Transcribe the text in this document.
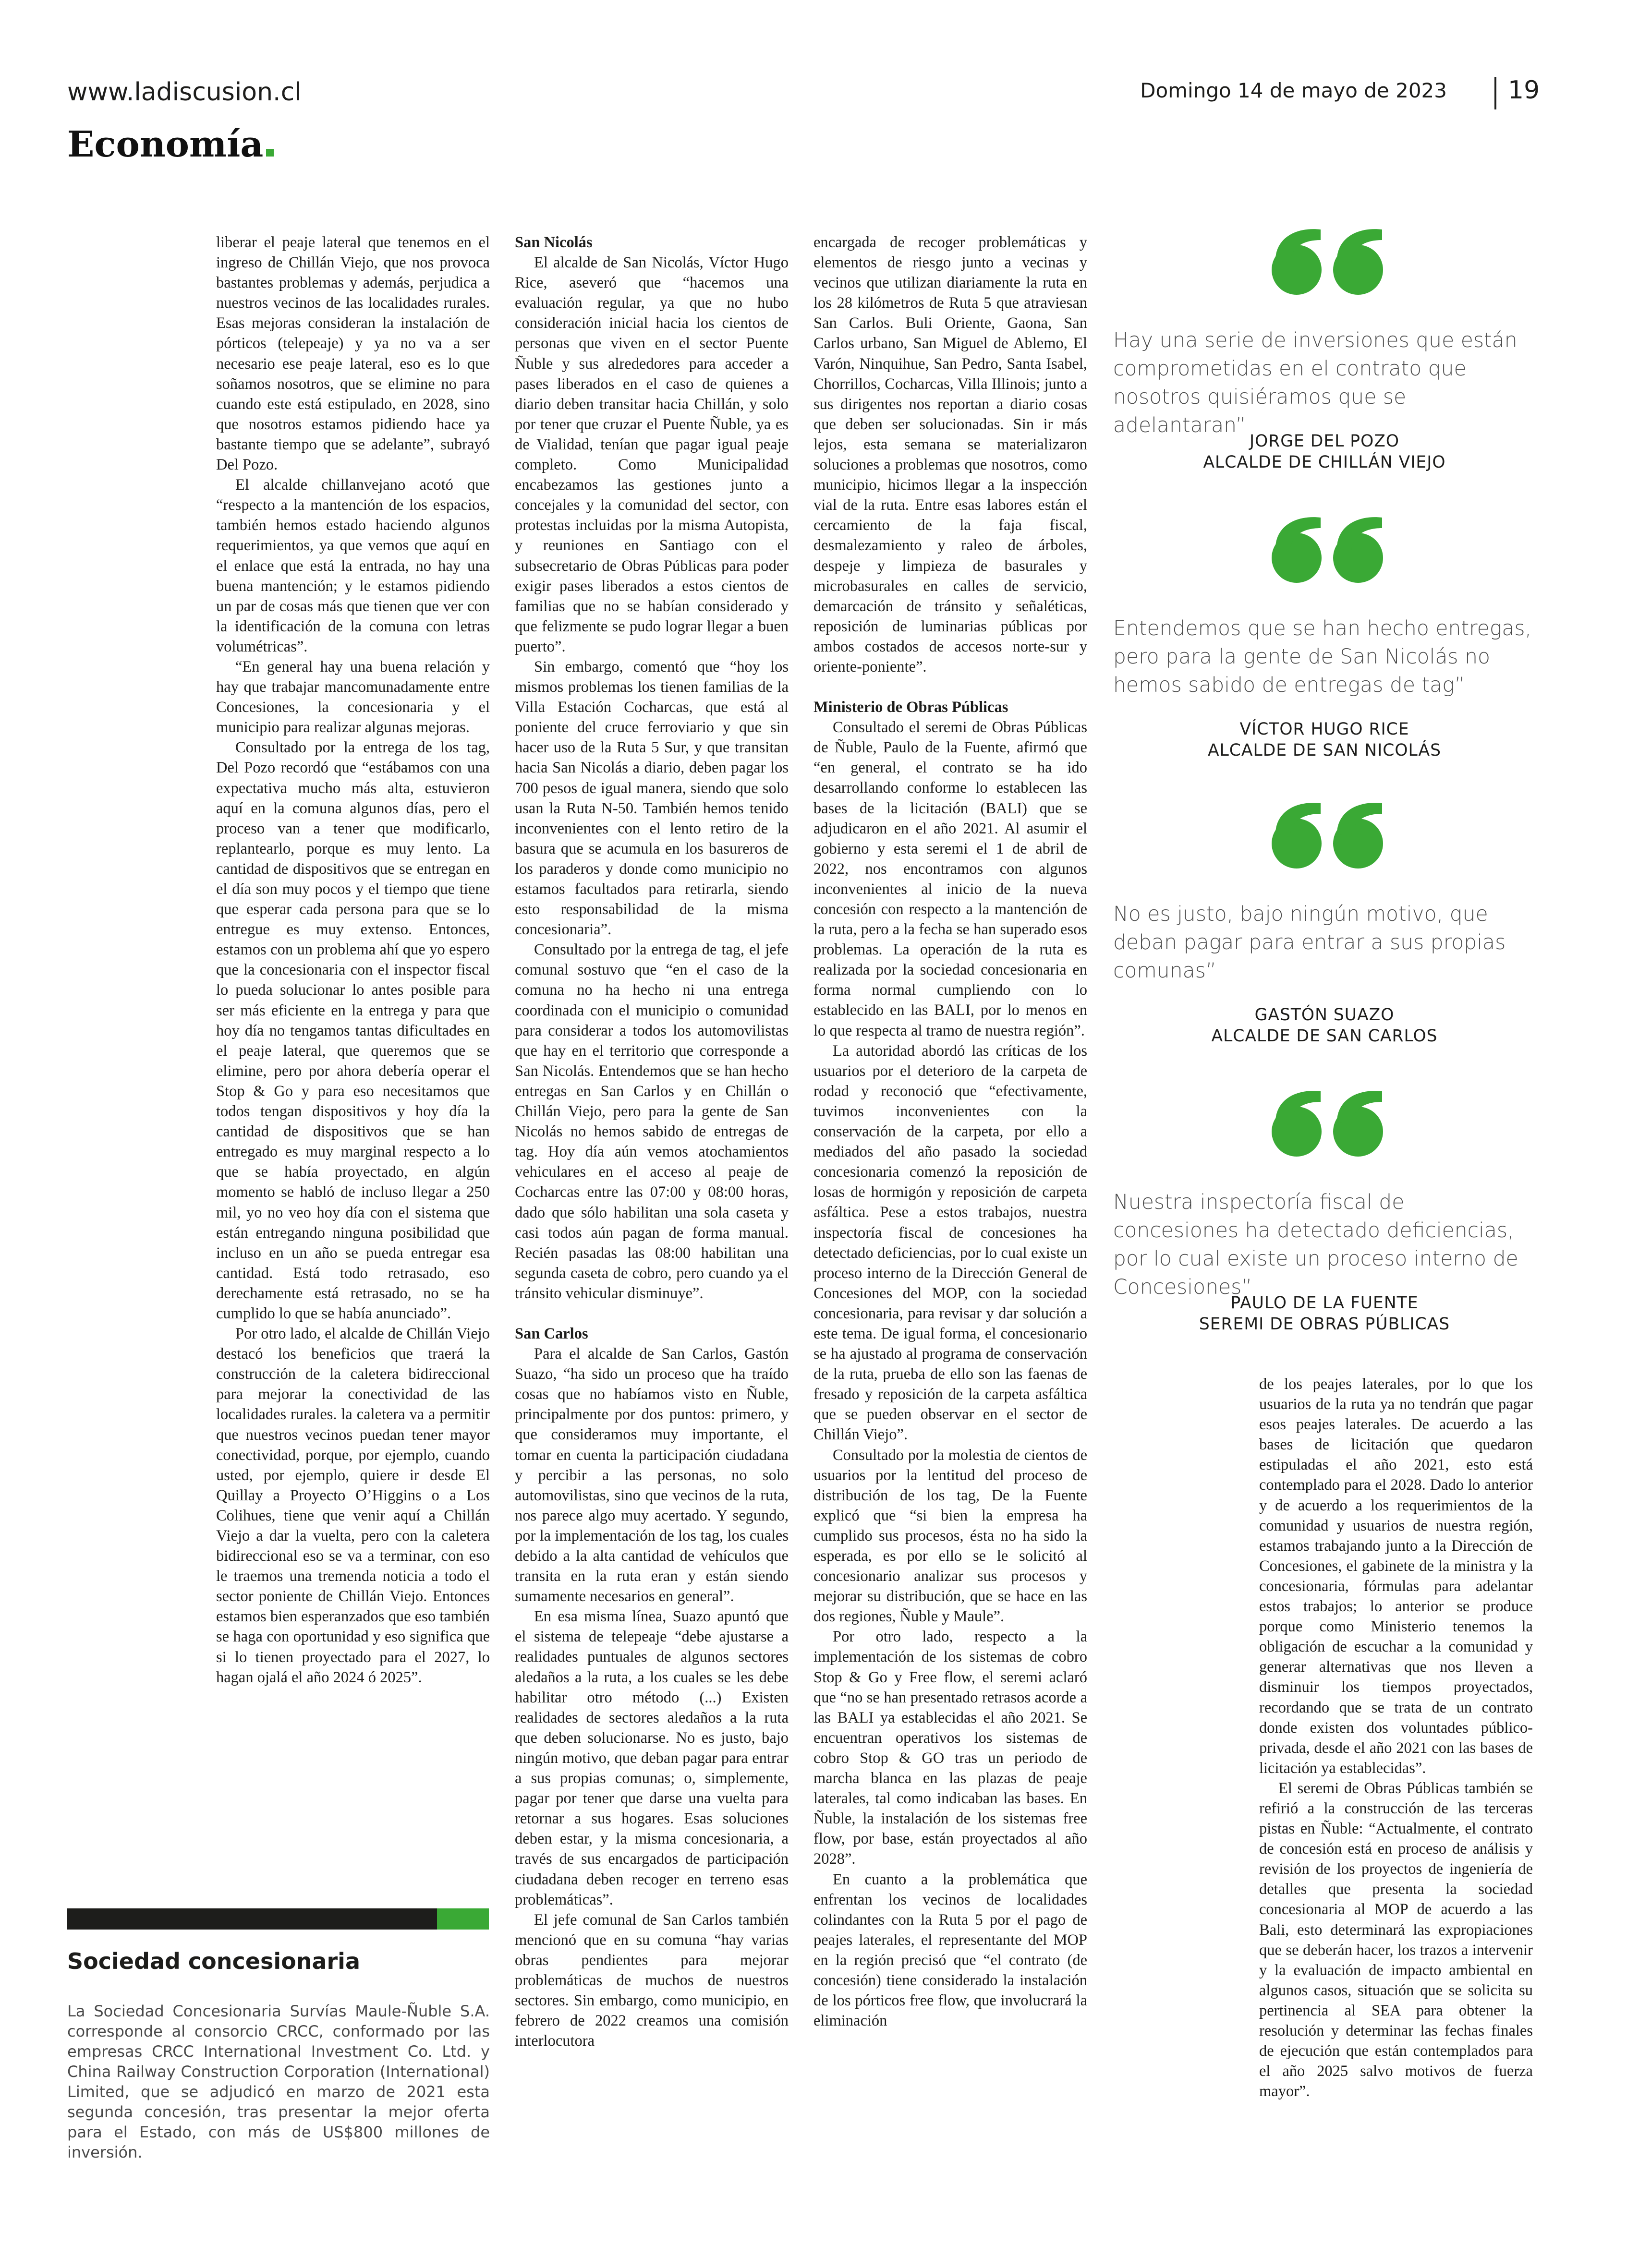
www.ladiscusion.cl	Domingo 14 de mayo de 2023 19
Economía

liberar el peaje lateral que tenemos en el ingreso de Chillán Viejo, que nos provoca bastantes problemas y además, perjudica a nuestros vecinos de las localidades rurales. Esas mejoras consideran la instalación de pórticos (telepeaje) y ya no va a ser necesario ese peaje lateral, eso es lo que soñamos nosotros, que se elimine no para cuando este está estipulado, en 2028, sino que nosotros estamos pidiendo hace ya bastante tiempo que se adelante”, subrayó Del Pozo.

El alcalde chillanvejano acotó que “respecto a la mantención de los espacios, también hemos estado haciendo algunos requerimientos, ya que vemos que aquí en el enlace que está la entrada, no hay una buena mantención; y le estamos pidiendo un par de cosas más que tienen que ver con la identificación de la comuna con letras volumétricas”.

“En general hay una buena relación y hay que trabajar mancomunadamente entre Concesiones, la concesionaria y el municipio para realizar algunas mejoras.

Consultado por la entrega de los tag, Del Pozo recordó que “estábamos con una expectativa mucho más alta, estuvieron aquí en la comuna algunos días, pero el proceso van a tener que modificarlo, replantearlo, porque es muy lento. La cantidad de dispositivos que se entregan en el día son muy pocos y el tiempo que tiene que esperar cada persona para que se lo entregue es muy extenso. Entonces, estamos con un problema ahí que yo espero que la concesionaria con el inspector fiscal lo pueda solucionar lo antes posible para ser más eficiente en la entrega y para que hoy día no tengamos tantas dificultades en el peaje lateral, que queremos que se elimine, pero por ahora debería operar el Stop & Go y para eso necesitamos que todos tengan dispositivos y hoy día la cantidad de dispositivos que se han entregado es muy marginal respecto a lo que se había proyectado, en algún momento se habló de incluso llegar a 250 mil, yo no veo hoy día con el sistema que están entregando ninguna posibilidad que incluso en un año se pueda entregar esa cantidad. Está todo retrasado, eso derechamente está retrasado, no se ha cumplido lo que se había anunciado”.

Por otro lado, el alcalde de Chillán Viejo destacó los beneficios que traerá la construcción de la caletera bidireccional para mejorar la conectividad de las localidades rurales. la caletera va a permitir que nuestros vecinos puedan tener mayor conectividad, porque, por ejemplo, cuando usted, por ejemplo, quiere ir desde El Quillay a Proyecto O’Higgins o a Los Colihues, tiene que venir aquí a Chillán Viejo a dar la vuelta, pero con la caletera bidireccional eso se va a terminar, con eso le traemos una tremenda noticia a todo el sector poniente de Chillán Viejo. Entonces estamos bien esperanzados que eso también se haga con oportunidad y eso significa que si lo tienen proyectado para el 2027, lo hagan ojalá el año 2024 ó 2025”.

San Nicolás

El alcalde de San Nicolás, Víctor Hugo Rice, aseveró que “hacemos una evaluación regular, ya que no hubo consideración inicial hacia los cientos de personas que viven en el sector Puente Ñuble y sus alrededores para acceder a pases liberados en el caso de quienes a diario deben transitar hacia Chillán, y solo por tener que cruzar el Puente Ñuble, ya es de Vialidad, tenían que pagar igual peaje completo. Como Municipalidad encabezamos las gestiones junto a concejales y la comunidad del sector, con protestas incluidas por la misma Autopista, y reuniones en Santiago con el subsecretario de Obras Públicas para poder exigir pases liberados a estos cientos de familias que no se habían considerado y que felizmente se pudo lograr llegar a buen puerto”.

Sin embargo, comentó que “hoy los mismos problemas los tienen familias de la Villa Estación Cocharcas, que está al poniente del cruce ferroviario y que sin hacer uso de la Ruta 5 Sur, y que transitan hacia San Nicolás a diario, deben pagar los 700 pesos de igual manera, siendo que solo usan la Ruta N-50. También hemos tenido inconvenientes con el lento retiro de la basura que se acumula en los basureros de los paraderos y donde como municipio no estamos facultados para retirarla, siendo esto responsabilidad de la misma concesionaria”.

Consultado por la entrega de tag, el jefe comunal sostuvo que “en el caso de la comuna no ha hecho ni una entrega coordinada con el municipio o comunidad para considerar a todos los automovilistas que hay en el territorio que corresponde a San Nicolás. Entendemos que se han hecho entregas en San Carlos y en Chillán o Chillán Viejo, pero para la gente de San Nicolás no hemos sabido de entregas de tag. Hoy día aún vemos atochamientos vehiculares en el acceso al peaje de Cocharcas entre las 07:00 y 08:00 horas, dado que sólo habilitan una sola caseta y casi todos aún pagan de forma manual. Recién pasadas las 08:00 habilitan una segunda caseta de cobro, pero cuando ya el tránsito vehicular disminuye”.

San Carlos

Para el alcalde de San Carlos, Gastón Suazo, “ha sido un proceso que ha traído cosas que no habíamos visto en Ñuble, principalmente por dos puntos: primero, y que consideramos muy importante, el tomar en cuenta la participación ciudadana y percibir a las personas, no solo automovilistas, sino que vecinos de la ruta, nos parece algo muy acertado. Y segundo, por la implementación de los tag, los cuales debido a la alta cantidad de vehículos que transita en la ruta eran y están siendo sumamente necesarios en general”.

En esa misma línea, Suazo apuntó que el sistema de telepeaje “debe ajustarse a realidades puntuales de algunos sectores aledaños a la ruta, a los cuales se les debe habilitar otro método (...) Existen realidades de sectores aledaños a la ruta que deben solucionarse. No es justo, bajo ningún motivo, que deban pagar para entrar a sus propias comunas; o, simplemente, pagar por tener que darse una vuelta para retornar a sus hogares. Esas soluciones deben estar, y la misma concesionaria, a través de sus encargados de participación ciudadana deben recoger en terreno esas problemáticas”.

El jefe comunal de San Carlos también mencionó que en su comuna “hay varias obras pendientes para mejorar problemáticas de muchos de nuestros sectores. Sin embargo, como municipio, en febrero de 2022 creamos una comisión interlocutora

encargada de recoger problemáticas y elementos de riesgo junto a vecinas y vecinos que utilizan diariamente la ruta en los 28 kilómetros de Ruta 5 que atraviesan San Carlos. Buli Oriente, Gaona, San Carlos urbano, San Miguel de Ablemo, El Varón, Ninquihue, San Pedro, Santa Isabel, Chorrillos, Cocharcas, Villa Illinois; junto a sus dirigentes nos reportan a diario cosas que deben ser solucionadas. Sin ir más lejos, esta semana se materializaron soluciones a problemas que nosotros, como municipio, hicimos llegar a la inspección vial de la ruta. Entre esas labores están el cercamiento de la faja fiscal, desmalezamiento y raleo de árboles, despeje y limpieza de basurales y microbasurales en calles de servicio, demarcación de tránsito y señaléticas, reposición de luminarias públicas por ambos costados de accesos norte-sur y oriente-poniente”.

Ministerio de Obras Públicas

Consultado el seremi de Obras Públicas de Ñuble, Paulo de la Fuente, afirmó que “en general, el contrato se ha ido desarrollando conforme lo establecen las bases de la licitación (BALI) que se adjudicaron en el año 2021. Al asumir el gobierno y esta seremi el 1 de abril de 2022, nos encontramos con algunos inconvenientes al inicio de la nueva concesión con respecto a la mantención de la ruta, pero a la fecha se han superado esos problemas. La operación de la ruta es realizada por la sociedad concesionaria en forma normal cumpliendo con lo establecido en las BALI, por lo menos en lo que respecta al tramo de nuestra región”.

La autoridad abordó las críticas de los usuarios por el deterioro de la carpeta de rodad y reconoció que “efectivamente, tuvimos inconvenientes con la conservación de la carpeta, por ello a mediados del año pasado la sociedad concesionaria comenzó la reposición de losas de hormigón y reposición de carpeta asfáltica. Pese a estos trabajos, nuestra inspectoría fiscal de concesiones ha detectado deficiencias, por lo cual existe un proceso interno de la Dirección General de Concesiones del MOP, con la sociedad concesionaria, para revisar y dar solución a este tema. De igual forma, el concesionario se ha ajustado al programa de conservación de la ruta, prueba de ello son las faenas de fresado y reposición de la carpeta asfáltica que se pueden observar en el sector de Chillán Viejo”.

Consultado por la molestia de cientos de usuarios por la lentitud del proceso de distribución de los tag, De la Fuente explicó que “si bien la empresa ha cumplido sus procesos, ésta no ha sido la esperada, es por ello se le solicitó al concesionario analizar sus procesos y mejorar su distribución, que se hace en las dos regiones, Ñuble y Maule”.

Por otro lado, respecto a la implementación de los sistemas de cobro Stop & Go y Free flow, el seremi aclaró que “no se han presentado retrasos acorde a las BALI ya establecidas el año 2021. Se encuentran operativos los sistemas de cobro Stop & GO tras un periodo de marcha blanca en las plazas de peaje laterales, tal como indicaban las bases. En Ñuble, la instalación de los sistemas free flow, por base, están proyectados al año 2028”.

En cuanto a la problemática que enfrentan los vecinos de localidades colindantes con la Ruta 5 por el pago de peajes laterales, el representante del MOP en la región precisó que “el contrato (de concesión) tiene considerado la instalación de los pórticos free flow, que involucrará la eliminación

de los peajes laterales, por lo que los usuarios de la ruta ya no tendrán que pagar esos peajes laterales. De acuerdo a las bases de licitación que quedaron estipuladas el año 2021, esto está contemplado para el 2028. Dado lo anterior y de acuerdo a los requerimientos de la comunidad y usuarios de nuestra región, estamos trabajando junto a la Dirección de Concesiones, el gabinete de la ministra y la concesionaria, fórmulas para adelantar estos trabajos; lo anterior se produce porque como Ministerio tenemos la obligación de escuchar a la comunidad y generar alternativas que nos lleven a disminuir los tiempos proyectados, recordando que se trata de un contrato donde existen dos voluntades público-privada, desde el año 2021 con las bases de licitación ya establecidas”.

El seremi de Obras Públicas también se refirió a la construcción de las terceras pistas en Ñuble: “Actualmente, el contrato de concesión está en proceso de análisis y revisión de los proyectos de ingeniería de detalles que presenta la sociedad concesionaria al MOP de acuerdo a las Bali, esto determinará las expropiaciones que se deberán hacer, los trazos a intervenir y la evaluación de impacto ambiental en algunos casos, situación que se solicita su pertinencia al SEA para obtener la resolución y determinar las fechas finales de ejecución que están contemplados para el año 2025 salvo motivos de fuerza mayor”.

Hay una serie de inversiones que están comprometidas en el contrato que nosotros quisiéramos que se adelantaran”
JORGE DEL POZO
ALCALDE DE CHILLÁN VIEJO
Entendemos que se han hecho entregas, pero para la gente de San Nicolás no hemos sabido de entregas de tag”
VÍCTOR HUGO RICE
ALCALDE DE SAN NICOLÁS
No es justo, bajo ningún motivo, que deban pagar para entrar a sus propias comunas”
GASTÓN SUAZO
ALCALDE DE SAN CARLOS
Nuestra inspectoría fiscal de concesiones ha detectado deficiencias, por lo cual existe un proceso interno de Concesiones”
PAULO DE LA FUENTE
SEREMI DE OBRAS PÚBLICAS
Sociedad concesionaria
La Sociedad Concesionaria Survías Maule-Ñuble S.A. corresponde al consorcio CRCC, conformado por las empresas CRCC International Investment Co. Ltd. y China Railway Construction Corporation (International) Limited, que se adjudicó en marzo de 2021 esta segunda concesión, tras presentar la mejor oferta para el Estado, con más de US$800 millones de inversión.
